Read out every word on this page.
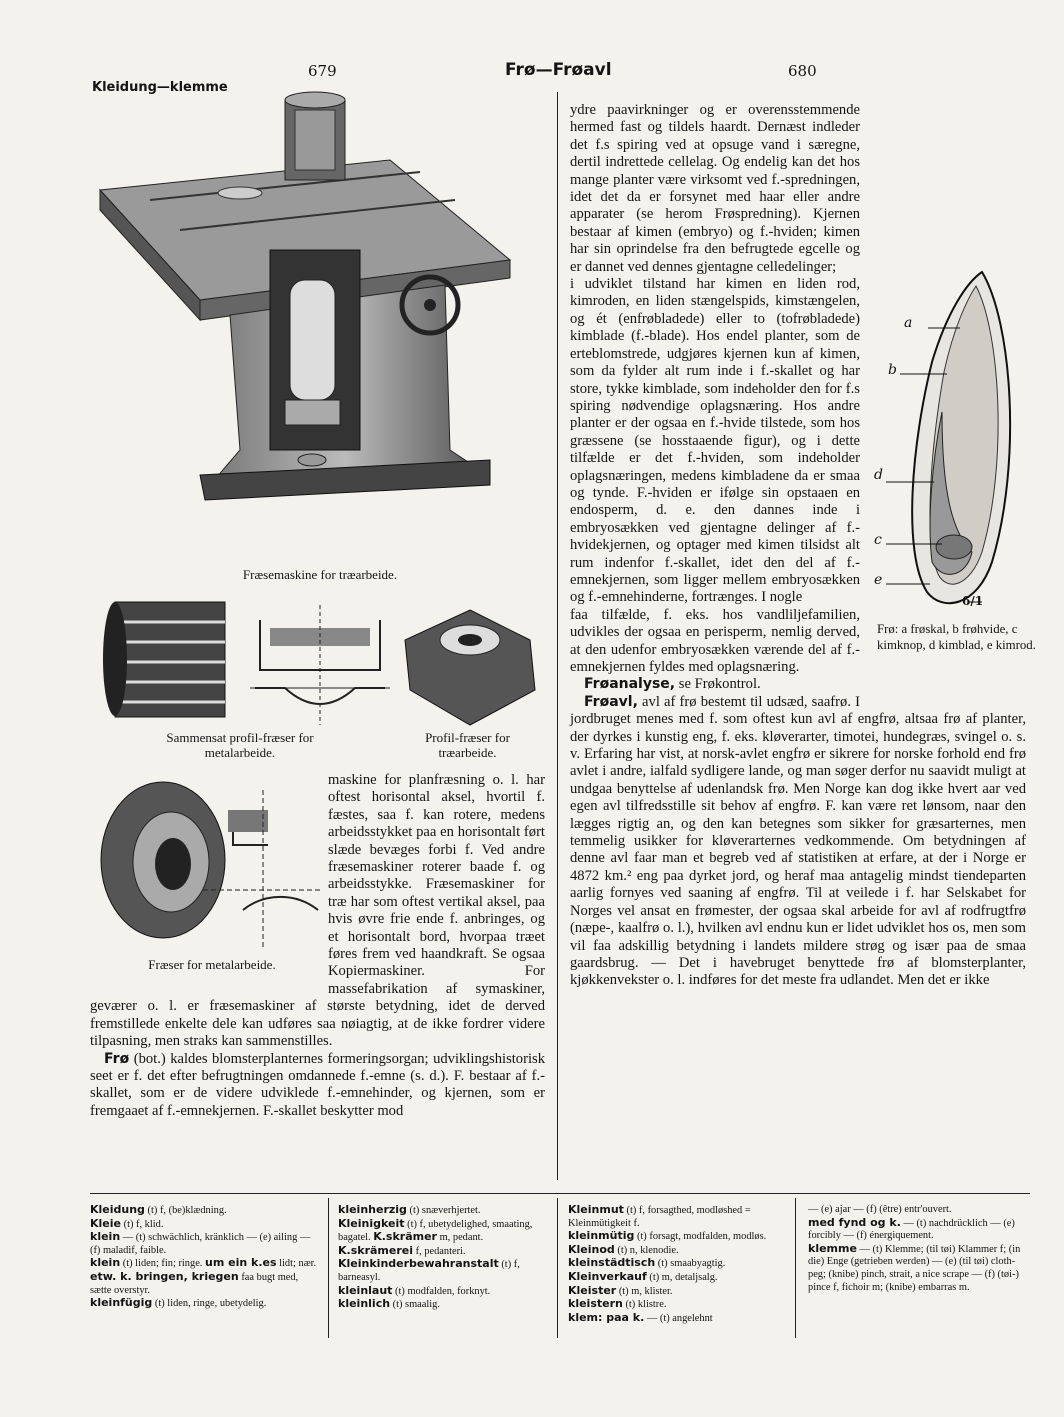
Kleidung—klemme
679	Frø—Frøavl	680
Fræsemaskine for træarbeide.
Sammensat profil-fræser for metalarbeide.
Profil-fræser for træarbeide.
Fræser for metalarbeide.

maskine for planfræsning o. l. har oftest horisontal aksel, hvortil f. fæstes, saa f. kan rotere, medens arbeidsstykket paa en horisontalt ført slæde bevæges forbi f. Ved andre fræsemaskiner roterer baade f. og arbeidsstykke. Fræsemaskiner for træ har som oftest vertikal aksel, paa hvis øvre frie ende f. anbringes, og et horisontalt bord, hvorpaa træet føres frem ved haandkraft. Se ogsaa Kopiermaskiner. For massefabrikation af symaskiner, geværer o. l. er fræsemaskiner af største betydning, idet de derved fremstillede enkelte dele kan udføres saa nøiagtig, at de ikke fordrer videre tilpasning, men straks kan sammenstilles.

Frø (bot.) kaldes blomsterplanternes formeringsorgan; udviklingshistorisk seet er f. det efter befrugtningen omdannede f.-emne (s. d.). F. bestaar af f.-skallet, som er de videre udviklede f.-emnehinder, og kjernen, som er fremgaaet af f.-emnekjernen. F.-skallet beskytter mod

a
b
d
c
e
6/1
Frø: a frøskal, b frøhvide, c kimknop, d kimblad, e kimrod.

ydre paavirkninger og er overensstemmende hermed fast og tildels haardt. Dernæst indleder det f.s spiring ved at opsuge vand i særegne, dertil indrettede cellelag. Og endelig kan det hos mange planter være virksomt ved f.-spredningen, idet det da er forsynet med haar eller andre apparater (se herom Frøspredning). Kjernen bestaar af kimen (embryo) og f.-hviden; kimen har sin oprindelse fra den befrugtede egcelle og er dannet ved dennes gjentagne celledelinger;

i udviklet tilstand har kimen en liden rod, kimroden, en liden stængelspids, kimstængelen, og ét (enfrøbladede) eller to (tofrøbladede) kimblade (f.-blade). Hos endel planter, som de erteblomstrede, udgjøres kjernen kun af kimen, som da fylder alt rum inde i f.-skallet og har store, tykke kimblade, som indeholder den for f.s spiring nødvendige oplagsnæring. Hos andre planter er der ogsaa en f.-hvide tilstede, som hos græssene (se hosstaaende figur), og i dette tilfælde er det f.-hviden, som indeholder oplagsnæringen, medens kimbladene da er smaa og tynde. F.-hviden er ifølge sin opstaaen en endosperm, d. e. den dannes inde i embryosækken ved gjentagne delinger af f.-hvidekjernen, og optager med kimen tilsidst alt rum indenfor f.-skallet, idet den del af f.-emnekjernen, som ligger mellem embryosækken og f.-emnehinderne, fortrænges. I nogle

faa tilfælde, f. eks. hos vandliljefamilien, udvikles der ogsaa en perisperm, nemlig derved, at den udenfor embryosækken værende del af f.-emnekjernen fyldes med oplagsnæring.

Frøanalyse, se Frøkontrol.

Frøavl, avl af frø bestemt til udsæd, saafrø. I jordbruget menes med f. som oftest kun avl af engfrø, altsaa frø af planter, der dyrkes i kunstig eng, f. eks. kløverarter, timotei, hundegræs, svingel o. s. v. Erfaring har vist, at norsk-avlet engfrø er sikrere for norske forhold end frø avlet i andre, ialfald sydligere lande, og man søger derfor nu saavidt muligt at undgaa benyttelse af udenlandsk frø. Men Norge kan dog ikke hvert aar ved egen avl tilfredsstille sit behov af engfrø. F. kan være ret lønsom, naar den lægges rigtig an, og den kan betegnes som sikker for græsarternes, men temmelig usikker for kløverarternes vedkommende. Om betydningen af denne avl faar man et begreb ved af statistiken at erfare, at der i Norge er 4872 km.² eng paa dyrket jord, og heraf maa antagelig mindst tiendeparten aarlig fornyes ved saaning af engfrø. Til at veilede i f. har Selskabet for Norges vel ansat en frømester, der ogsaa skal arbeide for avl af rodfrugtfrø (næpe-, kaalfrø o. l.), hvilken avl endnu kun er lidet udviklet hos os, men som vil faa adskillig betydning i landets mildere strøg og især paa de smaa gaardsbrug. — Det i havebruget benyttede frø af blomsterplanter, kjøkkenvekster o. l. indføres for det meste fra udlandet. Men det er ikke

Kleidung (t) f, (be)klædning.

Kleie (t) f, klid.

klein — (t) schwächlich, kränklich — (e) ailing — (f) maladif, faible.

klein (t) liden; fin; ringe. um ein k.es lidt; nær. etw. k. bringen, kriegen faa bugt med, sætte overstyr.

kleinfügig (t) liden, ringe, ubetydelig.

kleinherzig (t) snæverhjertet.

Kleinigkeit (t) f, ubetydelighed, smaating, bagatel. K.skrämer m, pedant. K.skrämerei f, pedanteri.

Kleinkinderbewahranstalt (t) f, barneasyl.

kleinlaut (t) modfalden, forknyt.

kleinlich (t) smaalig.

Kleinmut (t) f, forsagthed, modløshed = Kleinmütigkeit f.

kleinmütig (t) forsagt, modfalden, modløs.

Kleinod (t) n, klenodie.

kleinstädtisch (t) smaabyagtig.

Kleinverkauf (t) m, detaljsalg.

Kleister (t) m, klister.

kleistern (t) klistre.

klem: paa k. — (t) angelehnt

— (e) ajar — (f) (être) entr'ouvert.

med fynd og k. — (t) nachdrücklich — (e) forcibly — (f) énergiquement.

klemme — (t) Klemme; (til tøi) Klammer f; (in die) Enge (getrieben werden) — (e) (til tøi) cloth-peg; (knibe) pinch, strait, a nice scrape — (f) (tøi-) pince f, fichoir m; (knibe) embarras m.
